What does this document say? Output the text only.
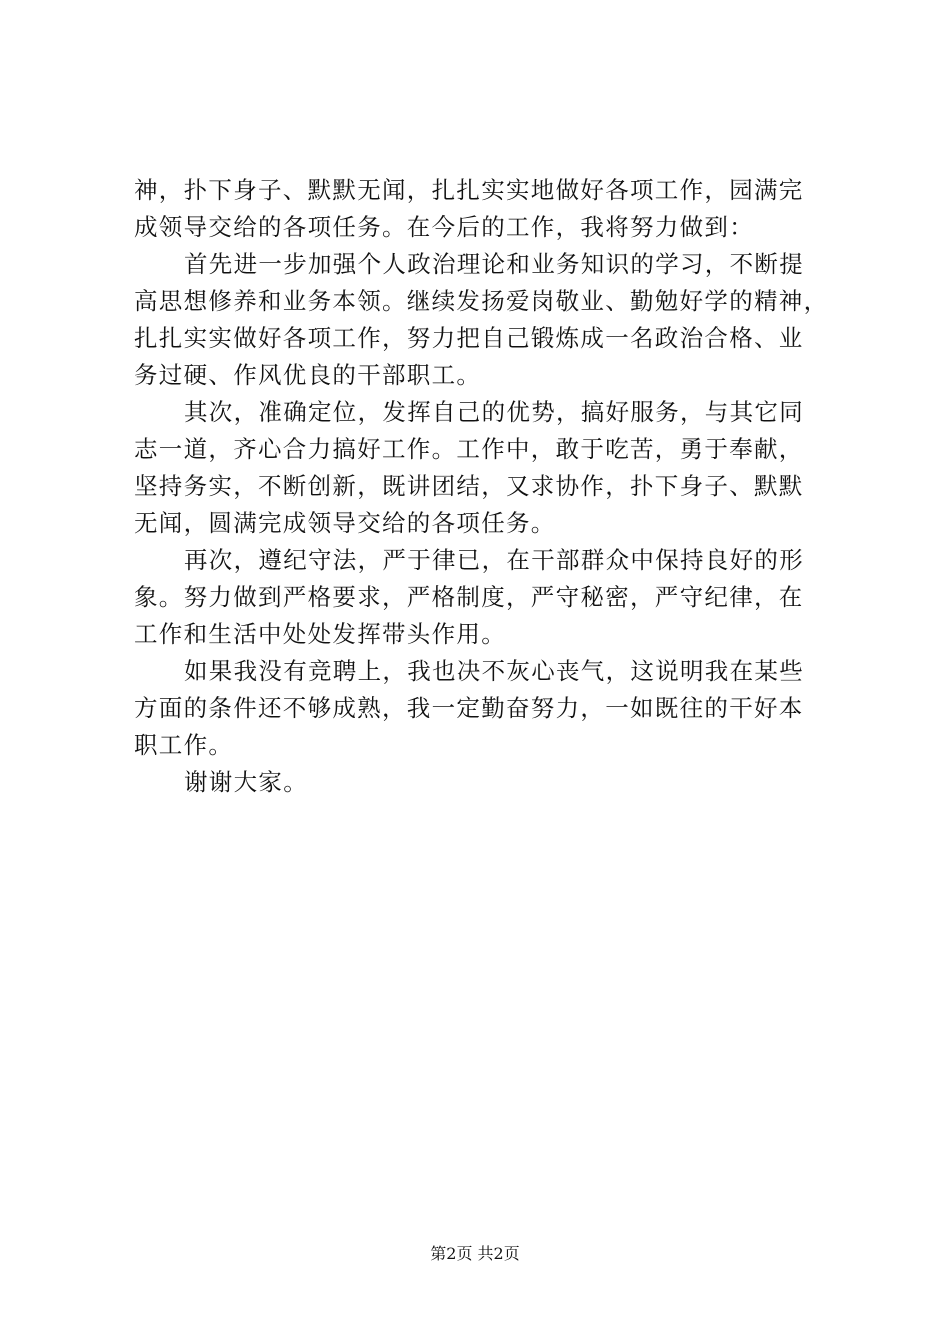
神，扑下身子、默默无闻，扎扎实实地做好各项工作，园满完
成领导交给的各项任务。在今后的工作，我将努力做到：
首先进一步加强个人政治理论和业务知识的学习，不断提
高思想修养和业务本领。继续发扬爱岗敬业、勤勉好学的精神，
扎扎实实做好各项工作，努力把自己锻炼成一名政治合格、业
务过硬、作风优良的干部职工。
其次，准确定位，发挥自己的优势，搞好服务，与其它同
志一道，齐心合力搞好工作。工作中，敢于吃苦，勇于奉献，
坚持务实，不断创新，既讲团结，又求协作，扑下身子、默默
无闻，圆满完成领导交给的各项任务。
再次，遵纪守法，严于律已，在干部群众中保持良好的形
象。努力做到严格要求，严格制度，严守秘密，严守纪律，在
工作和生活中处处发挥带头作用。
如果我没有竞聘上，我也决不灰心丧气，这说明我在某些
方面的条件还不够成熟，我一定勤奋努力，一如既往的干好本
职工作。
谢谢大家。
第2页 共2页
